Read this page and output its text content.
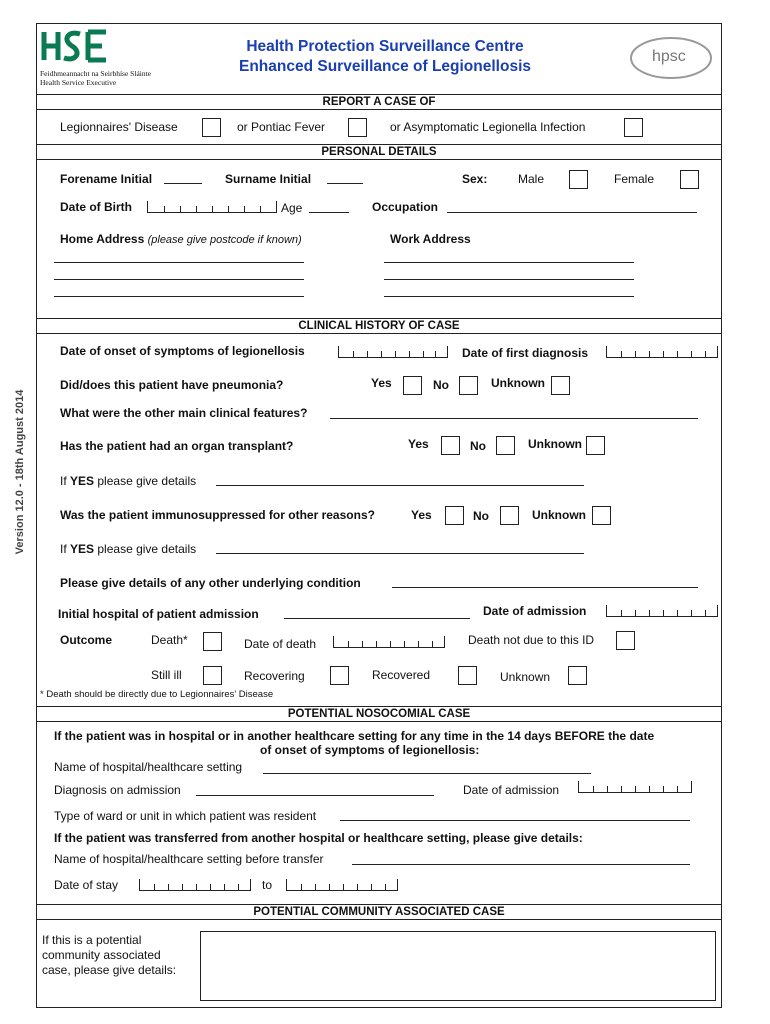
HSE
Feidhmeannacht na Seirbhíse Sláinte
Health Service Executive
Health Protection Surveillance Centre
Enhanced Surveillance of Legionellosis
hpsc
REPORT A CASE OF
Legionnaires' Disease	or Pontiac Fever	or Asymptomatic Legionella Infection
PERSONAL DETAILS
Forename Initial	Surname Initial	Sex:	Male	Female
Date of Birth	Age	Occupation
Home Address (please give postcode if known)	Work Address
CLINICAL HISTORY OF CASE
Date of onset of symptoms of legionellosis	Date of first diagnosis
Did/does this patient have pneumonia?	Yes	No	Unknown
What were the other main clinical features?
Has the patient had an organ transplant?	Yes	No	Unknown
If YES please give details
Was the patient immunosuppressed for other reasons?	Yes	No	Unknown
If YES please give details
Please give details of any other underlying condition
Initial hospital of patient admission	Date of admission
Outcome	Death*	Date of death	Death not due to this ID
Still ill	Recovering	Recovered	Unknown
* Death should be directly due to Legionnaires' Disease
POTENTIAL NOSOCOMIAL CASE
If the patient was in hospital or in another healthcare setting for any time in the 14 days BEFORE the date
of onset of symptoms of legionellosis:
Name of hospital/healthcare setting
Diagnosis on admission	Date of admission
Type of ward or unit in which patient was resident
If the patient was transferred from another hospital or healthcare setting, please give details:
Name of hospital/healthcare setting before transfer
Date of stay	to
POTENTIAL COMMUNITY ASSOCIATED CASE
If this is a potential
community associated
case, please give details:
Version 12.0 - 18th August 2014
